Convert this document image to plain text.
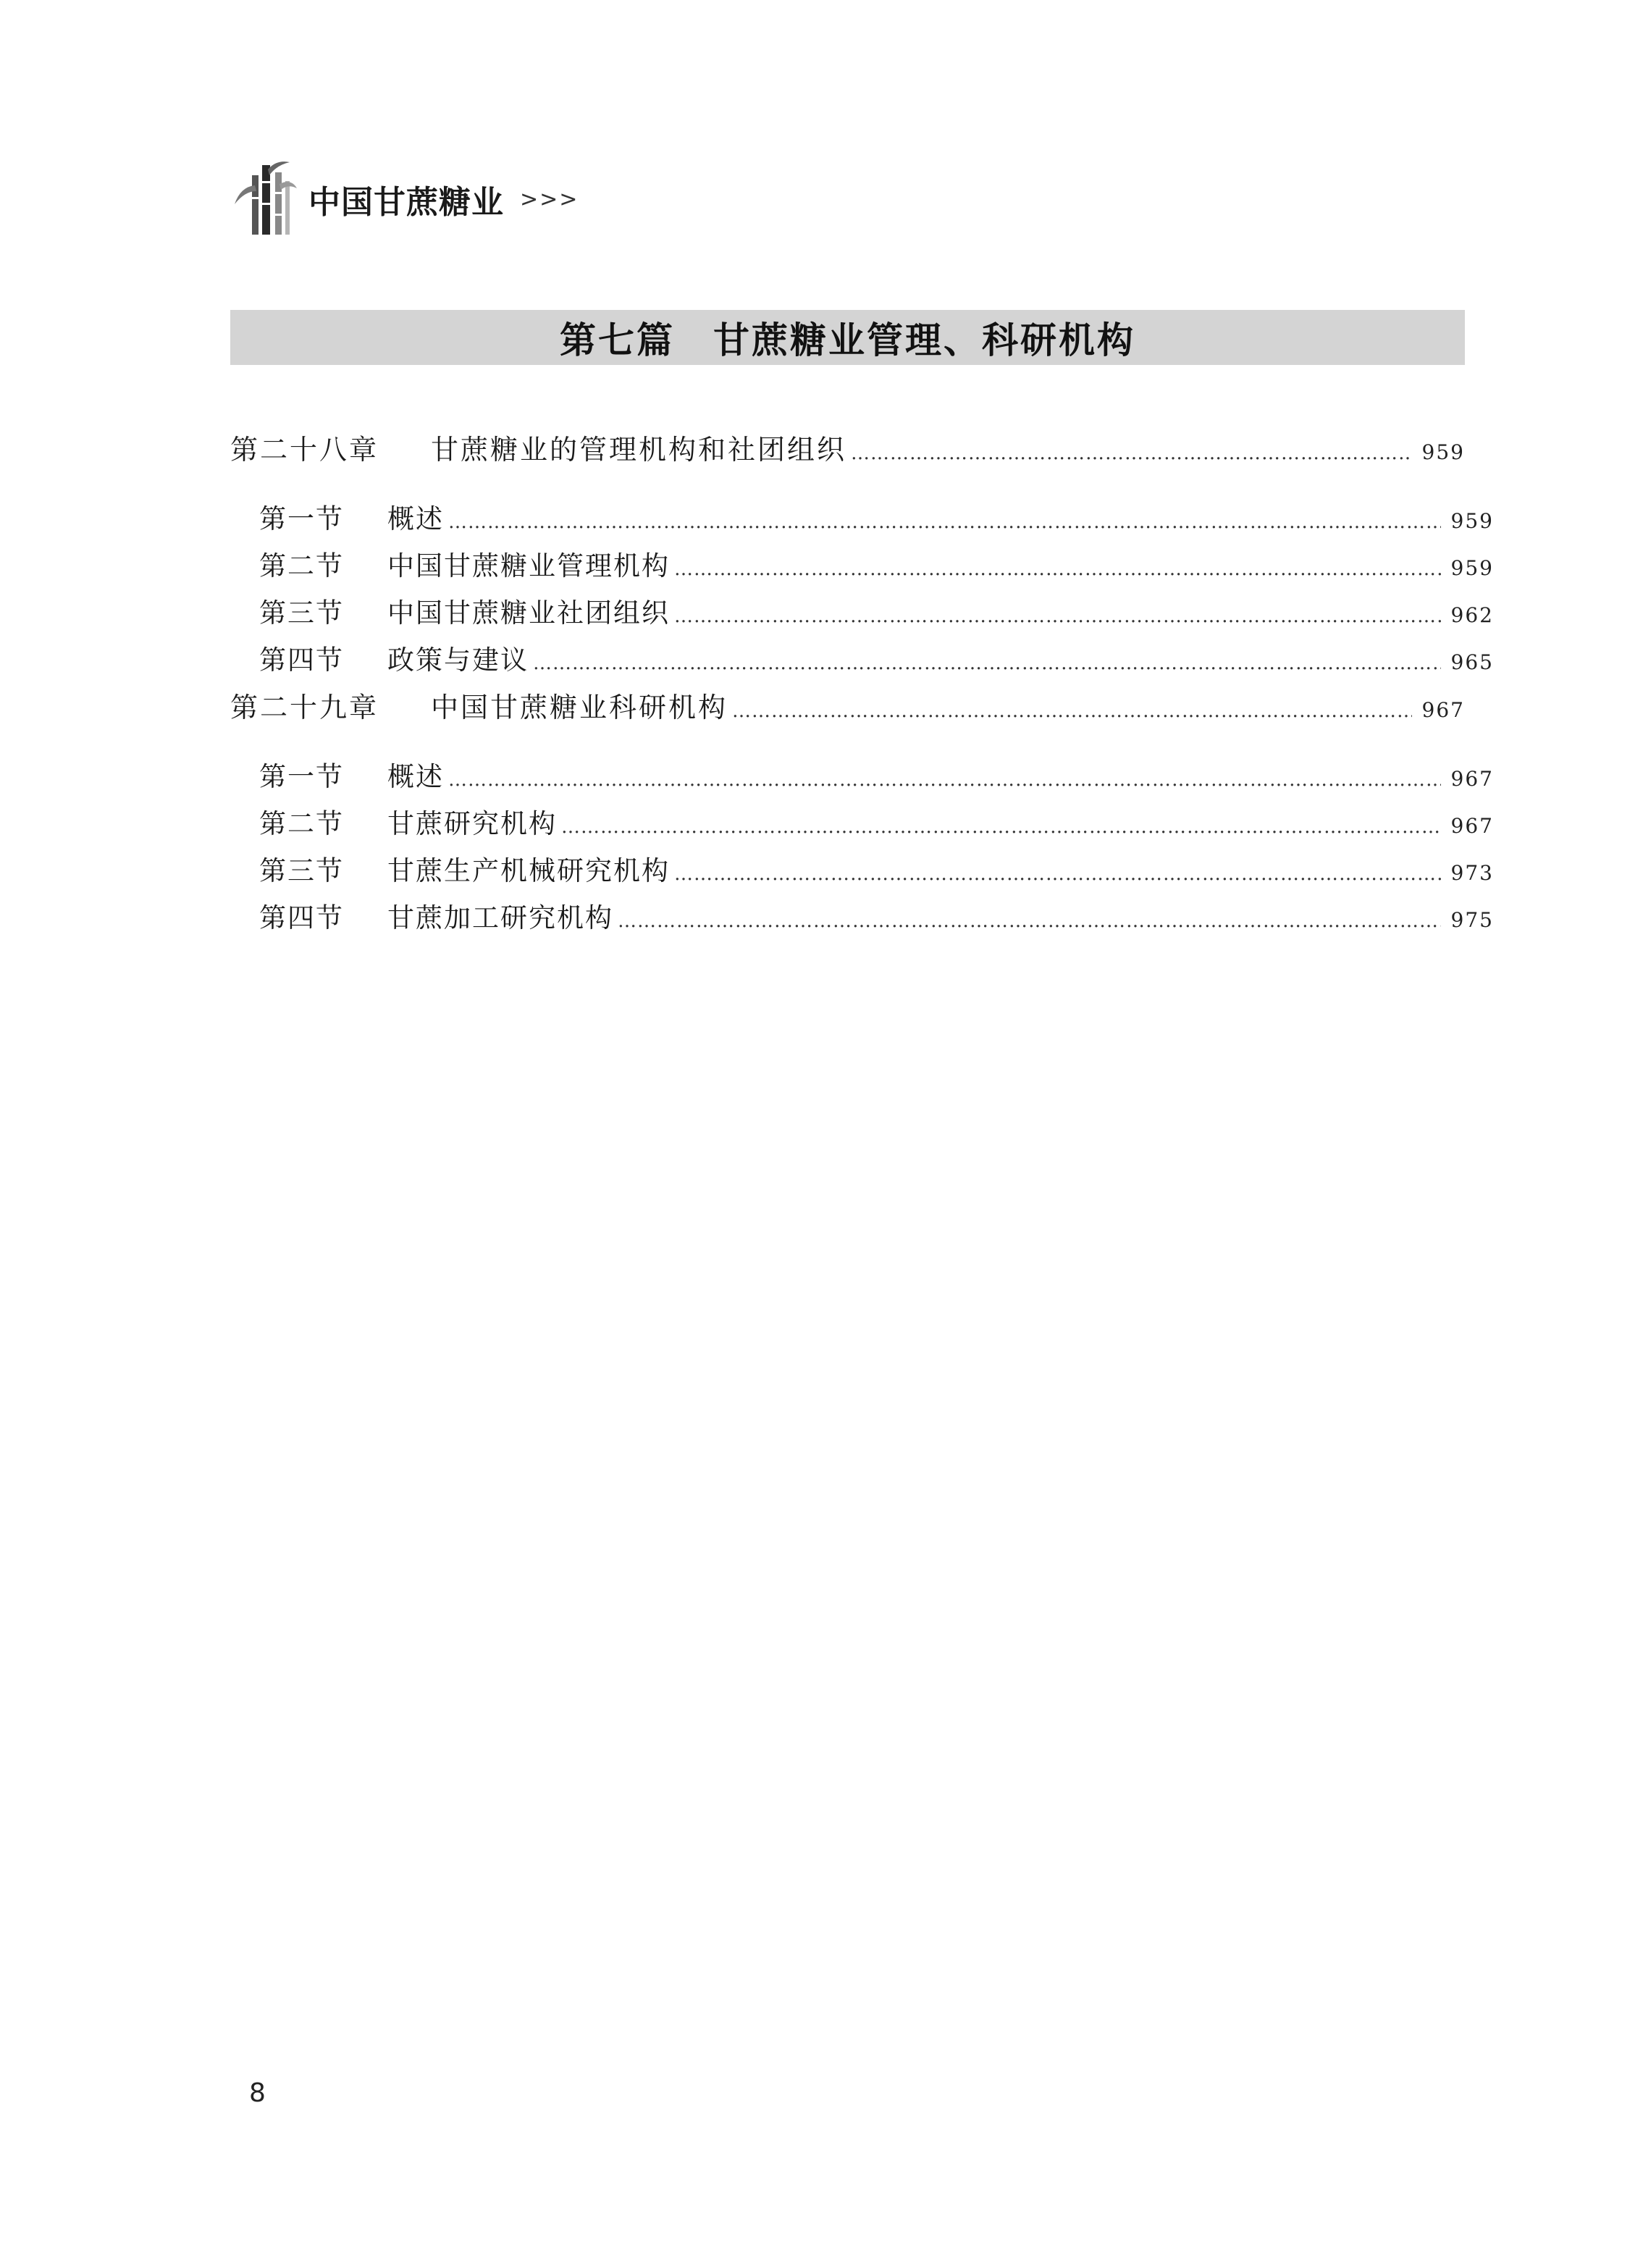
中国甘蔗糖业 >>>
第七篇　甘蔗糖业管理、科研机构
第二十八章	甘蔗糖业的管理机构和社团组织 ………………………………………………………………………………………………………………………………………………………………………………………………………………	959
第一节	概述 ………………………………………………………………………………………………………………………………………………………………………………………………………………	959
第二节	中国甘蔗糖业管理机构 ………………………………………………………………………………………………………………………………………………………………………………………………………………	959
第三节	中国甘蔗糖业社团组织 ………………………………………………………………………………………………………………………………………………………………………………………………………………	962
第四节	政策与建议 ………………………………………………………………………………………………………………………………………………………………………………………………………………	965
第二十九章	中国甘蔗糖业科研机构 ………………………………………………………………………………………………………………………………………………………………………………………………………………	967
第一节	概述 ………………………………………………………………………………………………………………………………………………………………………………………………………………	967
第二节	甘蔗研究机构 ………………………………………………………………………………………………………………………………………………………………………………………………………………	967
第三节	甘蔗生产机械研究机构 ………………………………………………………………………………………………………………………………………………………………………………………………………………	973
第四节	甘蔗加工研究机构 ………………………………………………………………………………………………………………………………………………………………………………………………………………	975
8
